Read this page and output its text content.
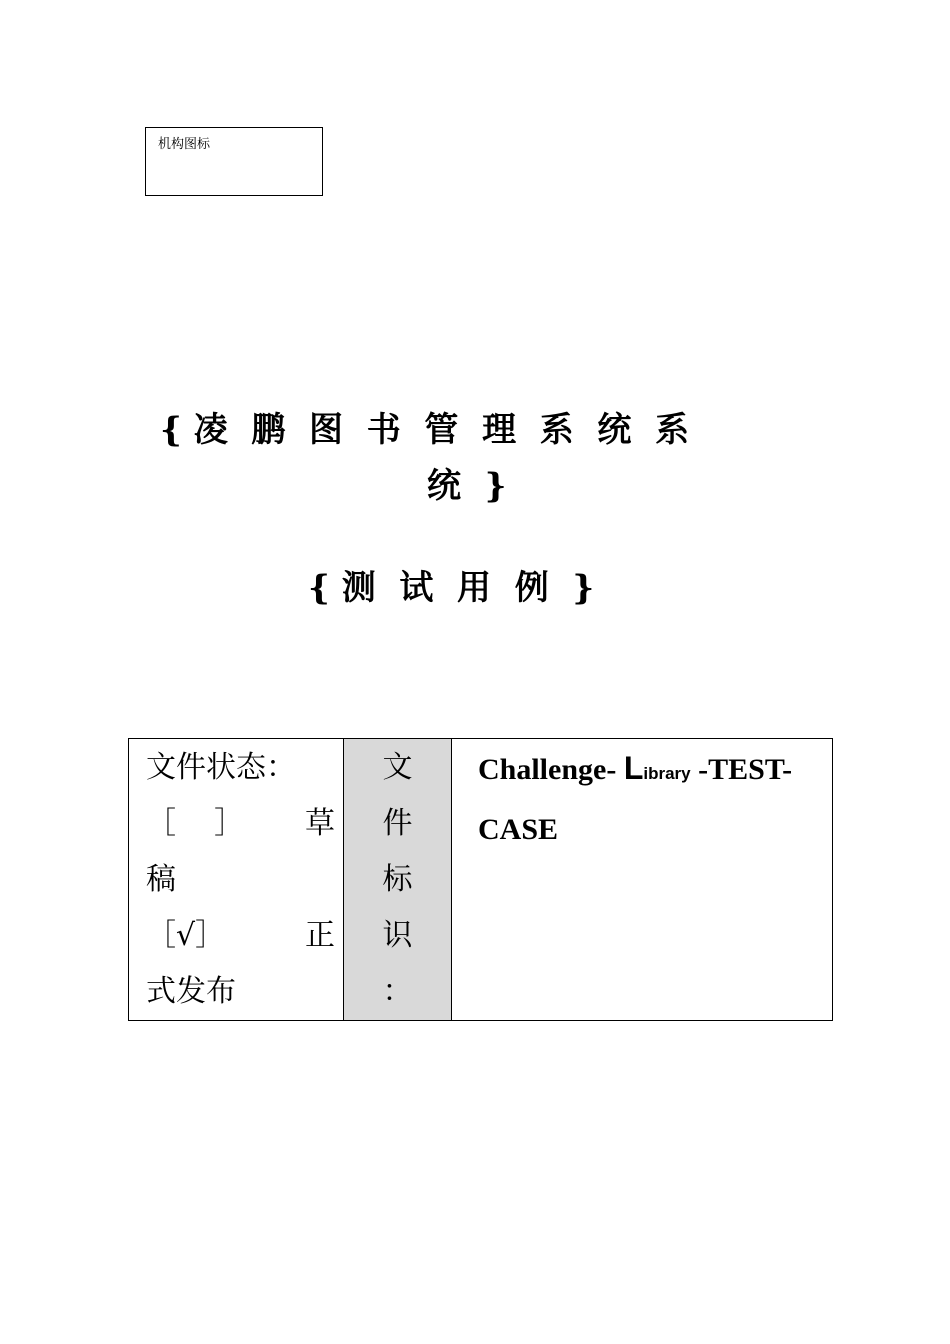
机构图标
{ 凌  鹏  图  书  管  理  系  统  系
统  }
{ 测  试  用  例  }
文件状态：
［    ］ 草
稿
［√］	正
式发布

文
件
标
识
：

Challenge- Library -TEST-
CASE
